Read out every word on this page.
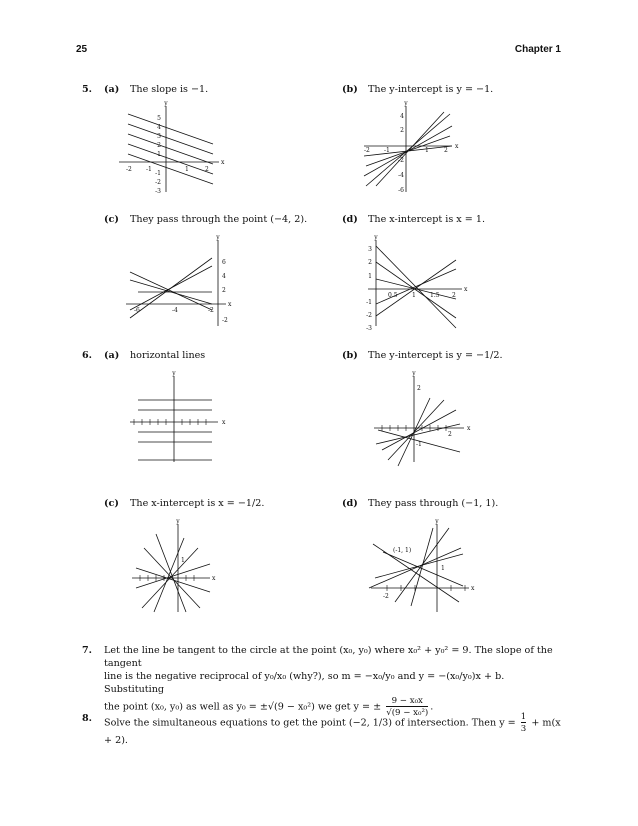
25	Chapter 1
5. (a) The slope is −1.	(b) The y-intercept is y = −1.
y
x
-2 -1	1	2
5
4
3
2
1
-1
-2
-3
y
x
-2 -1	1	2
4
2
-2
-4
-6
(c) They pass through the point (−4, 2).	(d) The x-intercept is x = 1.
y
x
-6	-4	-2
6
4
2
-2
y
x
0.5 1 1.5 2
3
2
1
-1
-2
-3
6. (a) horizontal lines	(b) The y-intercept is y = −1/2.
y
x
y
x
2
2
-1
(c) The x-intercept is x = −1/2.	(d) They pass through (−1, 1).
y
x
1
y
x
(-1, 1)
1
-2
7.	Let the line be tangent to the circle at the point (x₀, y₀) where x₀² + y₀² = 9. The slope of the tangent
line is the negative reciprocal of y₀/x₀ (why?), so m = −x₀/y₀ and y = −(x₀/y₀)x + b. Substituting
the point (x₀, y₀) as well as y₀ = ±√(9 − x₀²) we get y = ± $\frac{\text{9 − x₀x}}{\text{√(9 − x₀²)}}$ .
8.	Solve the simultaneous equations to get the point (−2, 1/3) of intersection. Then $y = \frac{1}{3} + m(x + 2)$.
